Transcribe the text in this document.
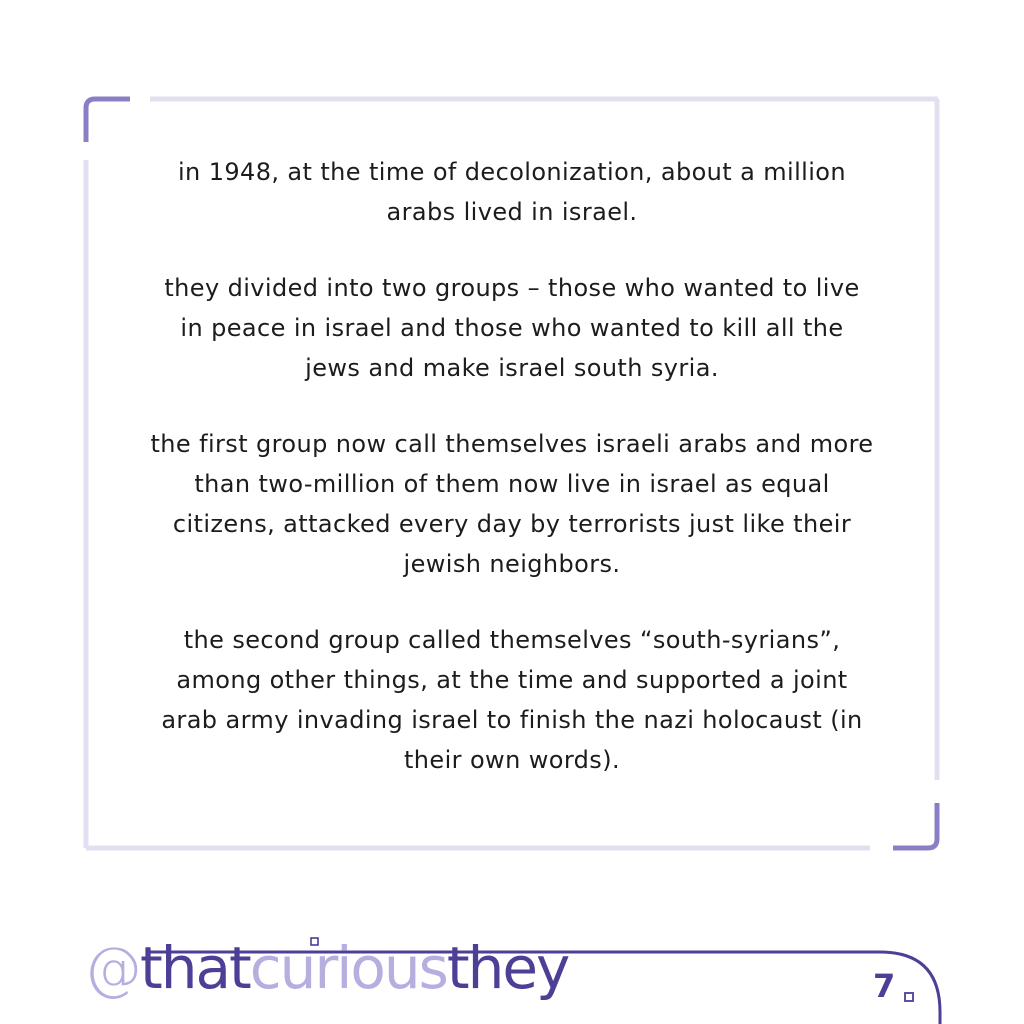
in 1948, at the time of decolonization, about a million arabs lived in israel.

they divided into two groups – those who wanted to live in peace in israel and those who wanted to kill all the jews and make israel south syria.

the first group now call themselves israeli arabs and more than two-million of them now live in israel as equal citizens, attacked every day by terrorists just like their jewish neighbors.

the second group called themselves “south-syrians”, among other things, at the time and supported a joint arab army invading israel to finish the nazi holocaust (in their own words).

@thatcuriousthey	7
